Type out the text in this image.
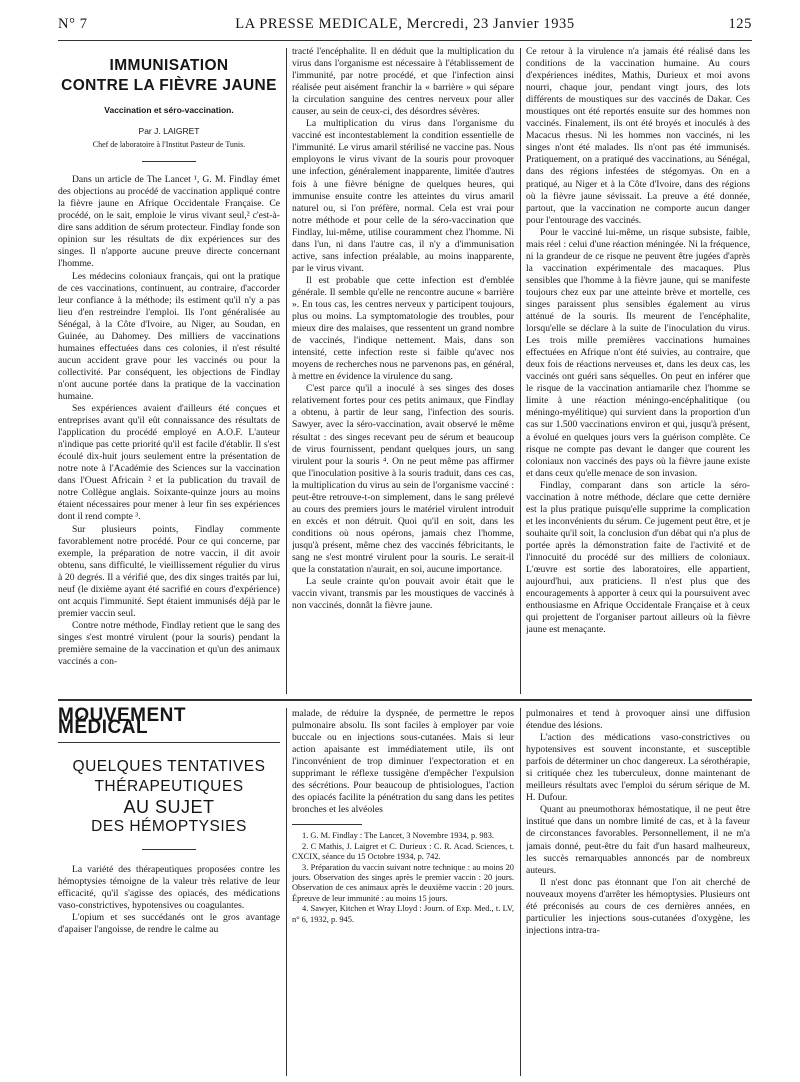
N° 7	LA PRESSE MEDICALE, Mercredi, 23 Janvier 1935	125
IMMUNISATION
CONTRE LA FIÈVRE JAUNE
Vaccination et séro-vaccination.
Par J. LAIGRET
Chef de laboratoire à l'Institut Pasteur de Tunis.

Dans un article de The Lancet ¹, G. M. Findlay émet des objections au procédé de vaccination appliqué contre la fièvre jaune en Afrique Occidentale Française. Ce procédé, on le sait, emploie le virus vivant seul,² c'est-à-dire sans addition de sérum protecteur. Findlay fonde son opinion sur les résultats de dix expériences sur des singes. Il n'apporte aucune preuve directe concernant l'homme.

Les médecins coloniaux français, qui ont la pratique de ces vaccinations, continuent, au contraire, d'accorder leur confiance à la méthode; ils estiment qu'il n'y a pas lieu d'en restreindre l'emploi. Ils l'ont généralisée au Sénégal, à la Côte d'Ivoire, au Niger, au Soudan, en Guinée, au Dahomey. Des milliers de vaccinations humaines effectuées dans ces colonies, il n'est résulté aucun accident grave pour les vaccinés ou pour la collectivité. Par conséquent, les objections de Findlay n'ont aucune portée dans la pratique de la vaccination humaine.

Ses expériences avaient d'ailleurs été conçues et entreprises avant qu'il eût connaissance des résultats de l'application du procédé employé en A.O.F. L'auteur n'indique pas cette priorité qu'il est facile d'établir. Il s'est écoulé dix-huit jours seulement entre la présentation de notre note à l'Académie des Sciences sur la vaccination dans l'Ouest Africain ² et la publication du travail de notre Collègue anglais. Soixante-quinze jours au moins étaient nécessaires pour mener à leur fin ses expériences dont il rend compte ³.

Sur plusieurs points, Findlay commente favorablement notre procédé. Pour ce qui concerne, par exemple, la préparation de notre vaccin, il dit avoir obtenu, sans difficulté, le vieillissement régulier du virus à 20 degrés. Il a vérifié que, des dix singes traités par lui, neuf (le dixième ayant été sacrifié en cours d'expérience) ont acquis l'immunité. Sept étaient immunisés déjà par le premier vaccin seul.

Contre notre méthode, Findlay retient que le sang des singes s'est montré virulent (pour la souris) pendant la première semaine de la vaccination et qu'un des animaux vaccinés a con-

tracté l'encéphalite. Il en déduit que la multiplication du virus dans l'organisme est nécessaire à l'établissement de l'immunité, par notre procédé, et que l'infection ainsi réalisée peut aisément franchir la « barrière » qui sépare la circulation sanguine des centres nerveux pour aller causer, au sein de ceux-ci, des désordres sévères.

La multiplication du virus dans l'organisme du vacciné est incontestablement la condition essentielle de l'immunité. Le virus amaril stérilisé ne vaccine pas. Nous employons le virus vivant de la souris pour provoquer une infection, généralement inapparente, limitée d'autres fois à une fièvre bénigne de quelques heures, qui immunise ensuite contre les atteintes du virus amaril naturel ou, si l'on préfère, normal. Cela est vrai pour notre méthode et pour celle de la séro-vaccination que Findlay, lui-même, utilise couramment chez l'homme. Ni dans l'un, ni dans l'autre cas, il n'y a d'immunisation active, sans infection préalable, au moins inapparente, par le virus vivant.

Il est probable que cette infection est d'emblée générale. Il semble qu'elle ne rencontre aucune « barrière ». En tous cas, les centres nerveux y participent toujours, plus ou moins. La symptomatologie des troubles, pour mieux dire des malaises, que ressentent un grand nombre de vaccinés, l'indique nettement. Mais, dans son intensité, cette infection reste si faible qu'avec nos moyens de recherches nous ne parvenons pas, en général, à mettre en évidence la virulence du sang.

C'est parce qu'il a inoculé à ses singes des doses relativement fortes pour ces petits animaux, que Findlay a obtenu, à partir de leur sang, l'infection des souris. Sawyer, avec la séro-vaccination, avait observé le même résultat : des singes recevant peu de sérum et beaucoup de virus fournissent, pendant quelques jours, un sang virulent pour la souris ⁴. On ne peut même pas affirmer que l'inoculation positive à la souris traduit, dans ces cas, la multiplication du virus au sein de l'organisme vacciné : peut-être retrouve-t-on simplement, dans le sang prélevé au cours des premiers jours le matériel virulent introduit en excès et non détruit. Quoi qu'il en soit, dans les conditions où nous opérons, jamais chez l'homme, jusqu'à présent, même chez des vaccinés fébricitants, le sang ne s'est montré virulent pour la souris. Le serait-il que la constatation n'aurait, en soi, aucune importance.

La seule crainte qu'on pouvait avoir était que le vaccin vivant, transmis par les moustiques de vaccinés à non vaccinés, donnât la fièvre jaune.

Ce retour à la virulence n'a jamais été réalisé dans les conditions de la vaccination humaine. Au cours d'expériences inédites, Mathis, Durieux et moi avons nourri, chaque jour, pendant vingt jours, des lots différents de moustiques sur des vaccinés de Dakar. Ces moustiques ont été reportés ensuite sur des hommes non vaccinés. Finalement, ils ont été broyés et inoculés à des Macacus rhesus. Ni les hommes non vaccinés, ni les singes n'ont été malades. Ils n'ont pas été immunisés. Pratiquement, on a pratiqué des vaccinations, au Sénégal, dans des régions infestées de stégomyas. On en a pratiqué, au Niger et à la Côte d'Ivoire, dans des régions où la fièvre jaune sévissait. La preuve a été donnée, partout, que la vaccination ne comporte aucun danger pour l'entourage des vaccinés.

Pour le vacciné lui-même, un risque subsiste, faible, mais réel : celui d'une réaction méningée. Ni la fréquence, ni la grandeur de ce risque ne peuvent être jugées d'après la vaccination expérimentale des macaques. Plus sensibles que l'homme à la fièvre jaune, qui se manifeste toujours chez eux par une atteinte brève et mortelle, ces singes paraissent plus sensibles également au virus atténué de la souris. Ils meurent de l'encéphalite, lorsqu'elle se déclare à la suite de l'inoculation du virus. Les trois mille premières vaccinations humaines effectuées en Afrique n'ont été suivies, au contraire, que deux fois de réactions nerveuses et, dans les deux cas, les vaccinés ont guéri sans séquelles. On peut en inférer que le risque de la vaccination antiamarile chez l'homme se limite à une réaction méningo-encéphalitique (ou méningo-myélitique) qui survient dans la proportion d'un cas sur 1.500 vaccinations environ et qui, jusqu'à présent, a évolué en quelques jours vers la guérison complète. Ce risque ne compte pas devant le danger que courent les coloniaux non vaccinés des pays où la fièvre jaune existe et dans ceux qu'elle menace de son invasion.

Findlay, comparant dans son article la séro-vaccination à notre méthode, déclare que cette dernière est la plus pratique puisqu'elle supprime la complication et les inconvénients du sérum. Ce jugement peut être, et je souhaite qu'il soit, la conclusion d'un débat qui n'a plus de portée après la démonstration faite de l'activité et de l'innocuité du procédé sur des milliers de coloniaux. L'œuvre est sortie des laboratoires, elle appartient, aujourd'hui, aux praticiens. Il n'est plus que des encouragements à apporter à ceux qui la poursuivent avec enthousiasme en Afrique Occidentale Française et à ceux qui projettent de l'organiser partout ailleurs où la fièvre jaune est menaçante.

MOUVEMENT MÉDICAL
QUELQUES TENTATIVES
THÉRAPEUTIQUES
AU SUJET
DES HÉMOPTYSIES

La variété des thérapeutiques proposées contre les hémoptysies témoigne de la valeur très relative de leur efficacité, qu'il s'agisse des opiacés, des médications vaso-constrictives, hypotensives ou coagulantes.

L'opium et ses succédanés ont le gros avantage d'apaiser l'angoisse, de rendre le calme au

malade, de réduire la dyspnée, de permettre le repos pulmonaire absolu. Ils sont faciles à employer par voie buccale ou en injections sous-cutanées. Mais si leur action apaisante est immédiatement utile, ils ont l'inconvénient de trop diminuer l'expectoration et en supprimant le réflexe tussigène d'empêcher l'expulsion des sécrétions. Pour beaucoup de phtisiologues, l'action des opiacés facilite la pénétration du sang dans les petites bronches et les alvéoles

1. G. M. Findlay : The Lancet, 3 Novembre 1934, p. 983.

2. C Mathis, J. Laigret et C. Durieux : C. R. Acad. Sciences, t. CXCIX, séance du 15 Octobre 1934, p. 742.

3. Préparation du vaccin suivant notre technique : au moins 20 jours. Observation des singes après le premier vaccin : 20 jours. Observation de ces animaux après le deuxième vaccin : 20 jours. Épreuve de leur immunité : au moins 15 jours.

4. Sawyer, Kitchen et Wray Lloyd : Journ. of Exp. Med., t. LV, n° 6, 1932, p. 945.

pulmonaires et tend à provoquer ainsi une diffusion étendue des lésions.

L'action des médications vaso-constrictives ou hypotensives est souvent inconstante, et susceptible parfois de déterminer un choc dangereux. La sérothérapie, si critiquée chez les tuberculeux, donne maintenant de meilleurs résultats avec l'emploi du sérum sérique de M. H. Dufour.

Quant au pneumothorax hémostatique, il ne peut être institué que dans un nombre limité de cas, et à la faveur de circonstances favorables. Personnellement, il ne m'a jamais donné, peut-être du fait d'un hasard malheureux, les succès remarquables annoncés par de nombreux auteurs.

Il n'est donc pas étonnant que l'on ait cherché de nouveaux moyens d'arrêter les hémoptysies. Plusieurs ont été préconisés au cours de ces dernières années, en particulier les injections sous-cutanées d'oxygène, les injections intra-tra-
